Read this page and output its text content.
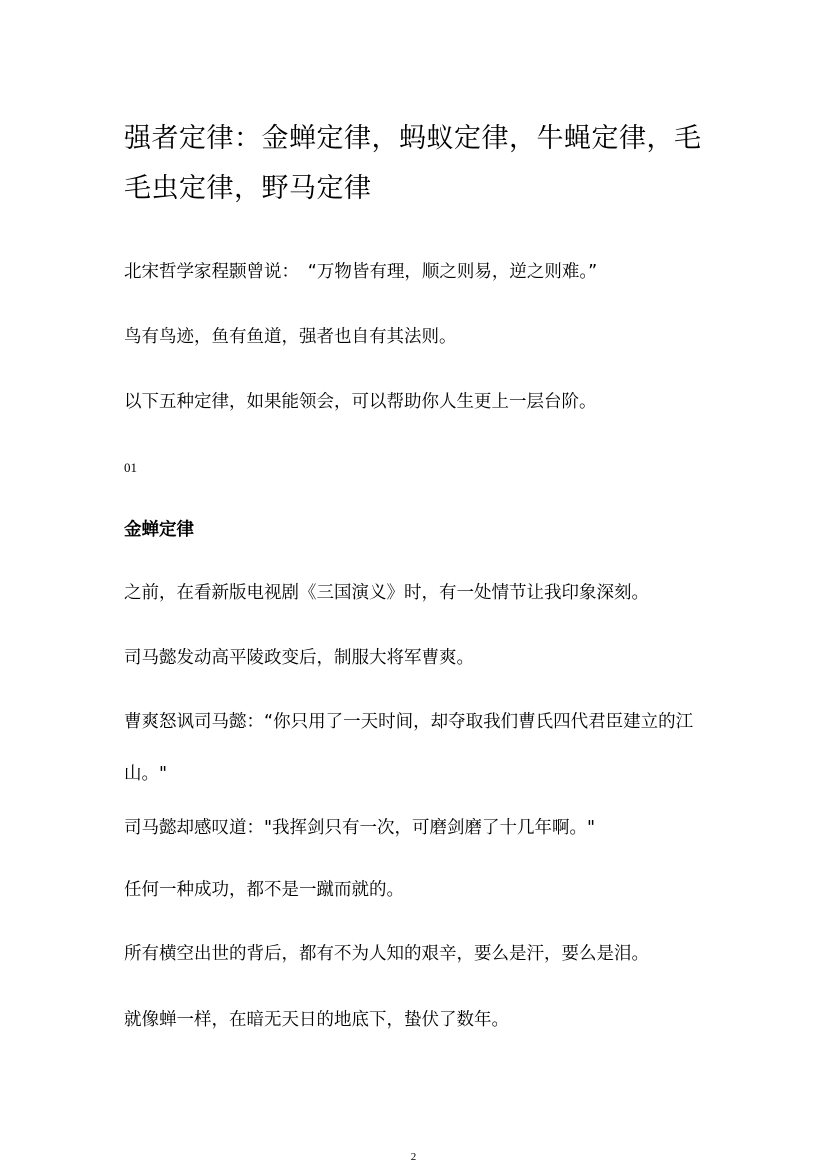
强者定律：金蝉定律，蚂蚁定律，牛蝇定律，毛毛虫定律，野马定律

北宋哲学家程颢曾说：　“万物皆有理，顺之则易，逆之则难。”

鸟有鸟迹，鱼有鱼道，强者也自有其法则。

以下五种定律，如果能领会，可以帮助你人生更上一层台阶。

01

金蝉定律

之前，在看新版电视剧《三国演义》时，有一处情节让我印象深刻。

司马懿发动高平陵政变后，制服大将军曹爽。

曹爽怒讽司马懿：“你只用了一天时间，却夺取我们曹氏四代君臣建立的江山。"

司马懿却感叹道："我挥剑只有一次，可磨剑磨了十几年啊。"

任何一种成功，都不是一蹴而就的。

所有横空出世的背后，都有不为人知的艰辛，要么是汗，要么是泪。

就像蝉一样，在暗无天日的地底下，蛰伏了数年。

2
